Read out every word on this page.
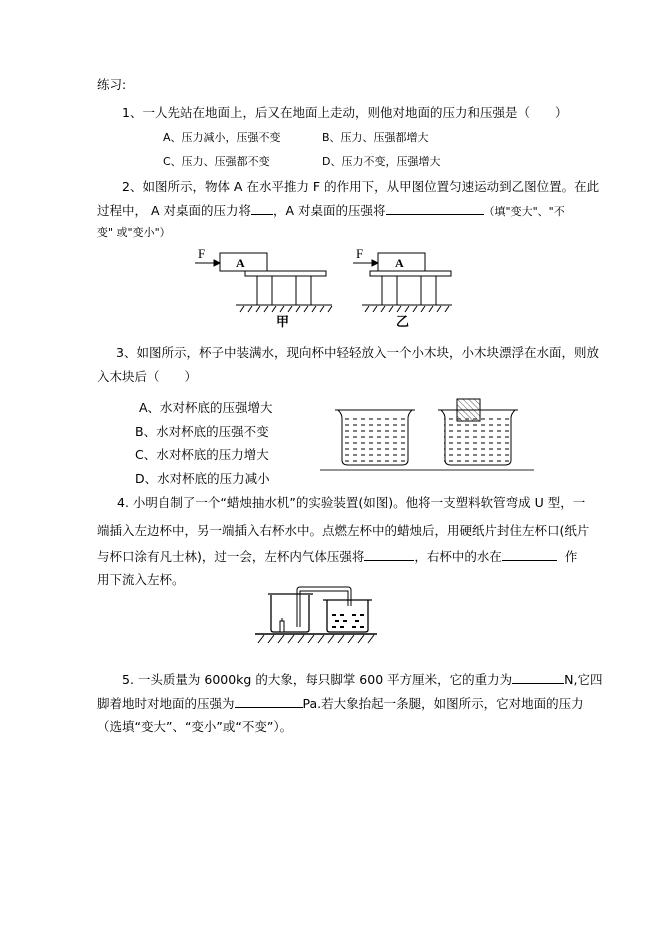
练习:
1、一人先站在地面上，后又在地面上走动，则他对地面的压力和压强是（　　）
A、压力减小，压强不变	B、压力、压强都增大
C、压力、压强都不变	D、压力不变，压强增大
2、如图所示，物体 A 在水平推力 F 的作用下，从甲图位置匀速运动到乙图位置。在此
过程中， A 对桌面的压力将 ，A 对桌面的压强将	（填"变大"、"不
变" 或"变小"）
F
A
甲
F
A
乙
3、如图所示，杯子中装满水，现向杯中轻轻放入一个小木块，小木块漂浮在水面，则放
入木块后（　　）
A、水对杯底的压强增大
B、水对杯底的压强不变
C、水对杯底的压力增大
D、水对杯底的压力减小
4. 小明自制了一个“蜡烛抽水机”的实验装置(如图)。他将一支塑料软管弯成 U 型，一
端插入左边杯中，另一端插入右杯水中。点燃左杯中的蜡烛后，用硬纸片封住左杯口(纸片
与杯口涂有凡士林)，过一会，左杯内气体压强将	，右杯中的水在	作
用下流入左杯。
5. 一头质量为 6000kg 的大象，每只脚掌 600 平方厘米，它的重力为	N,它四
脚着地时对地面的压强为	Pa.若大象抬起一条腿，如图所示，它对地面的压力
（选填“变大”、“变小”或“不变”）。
